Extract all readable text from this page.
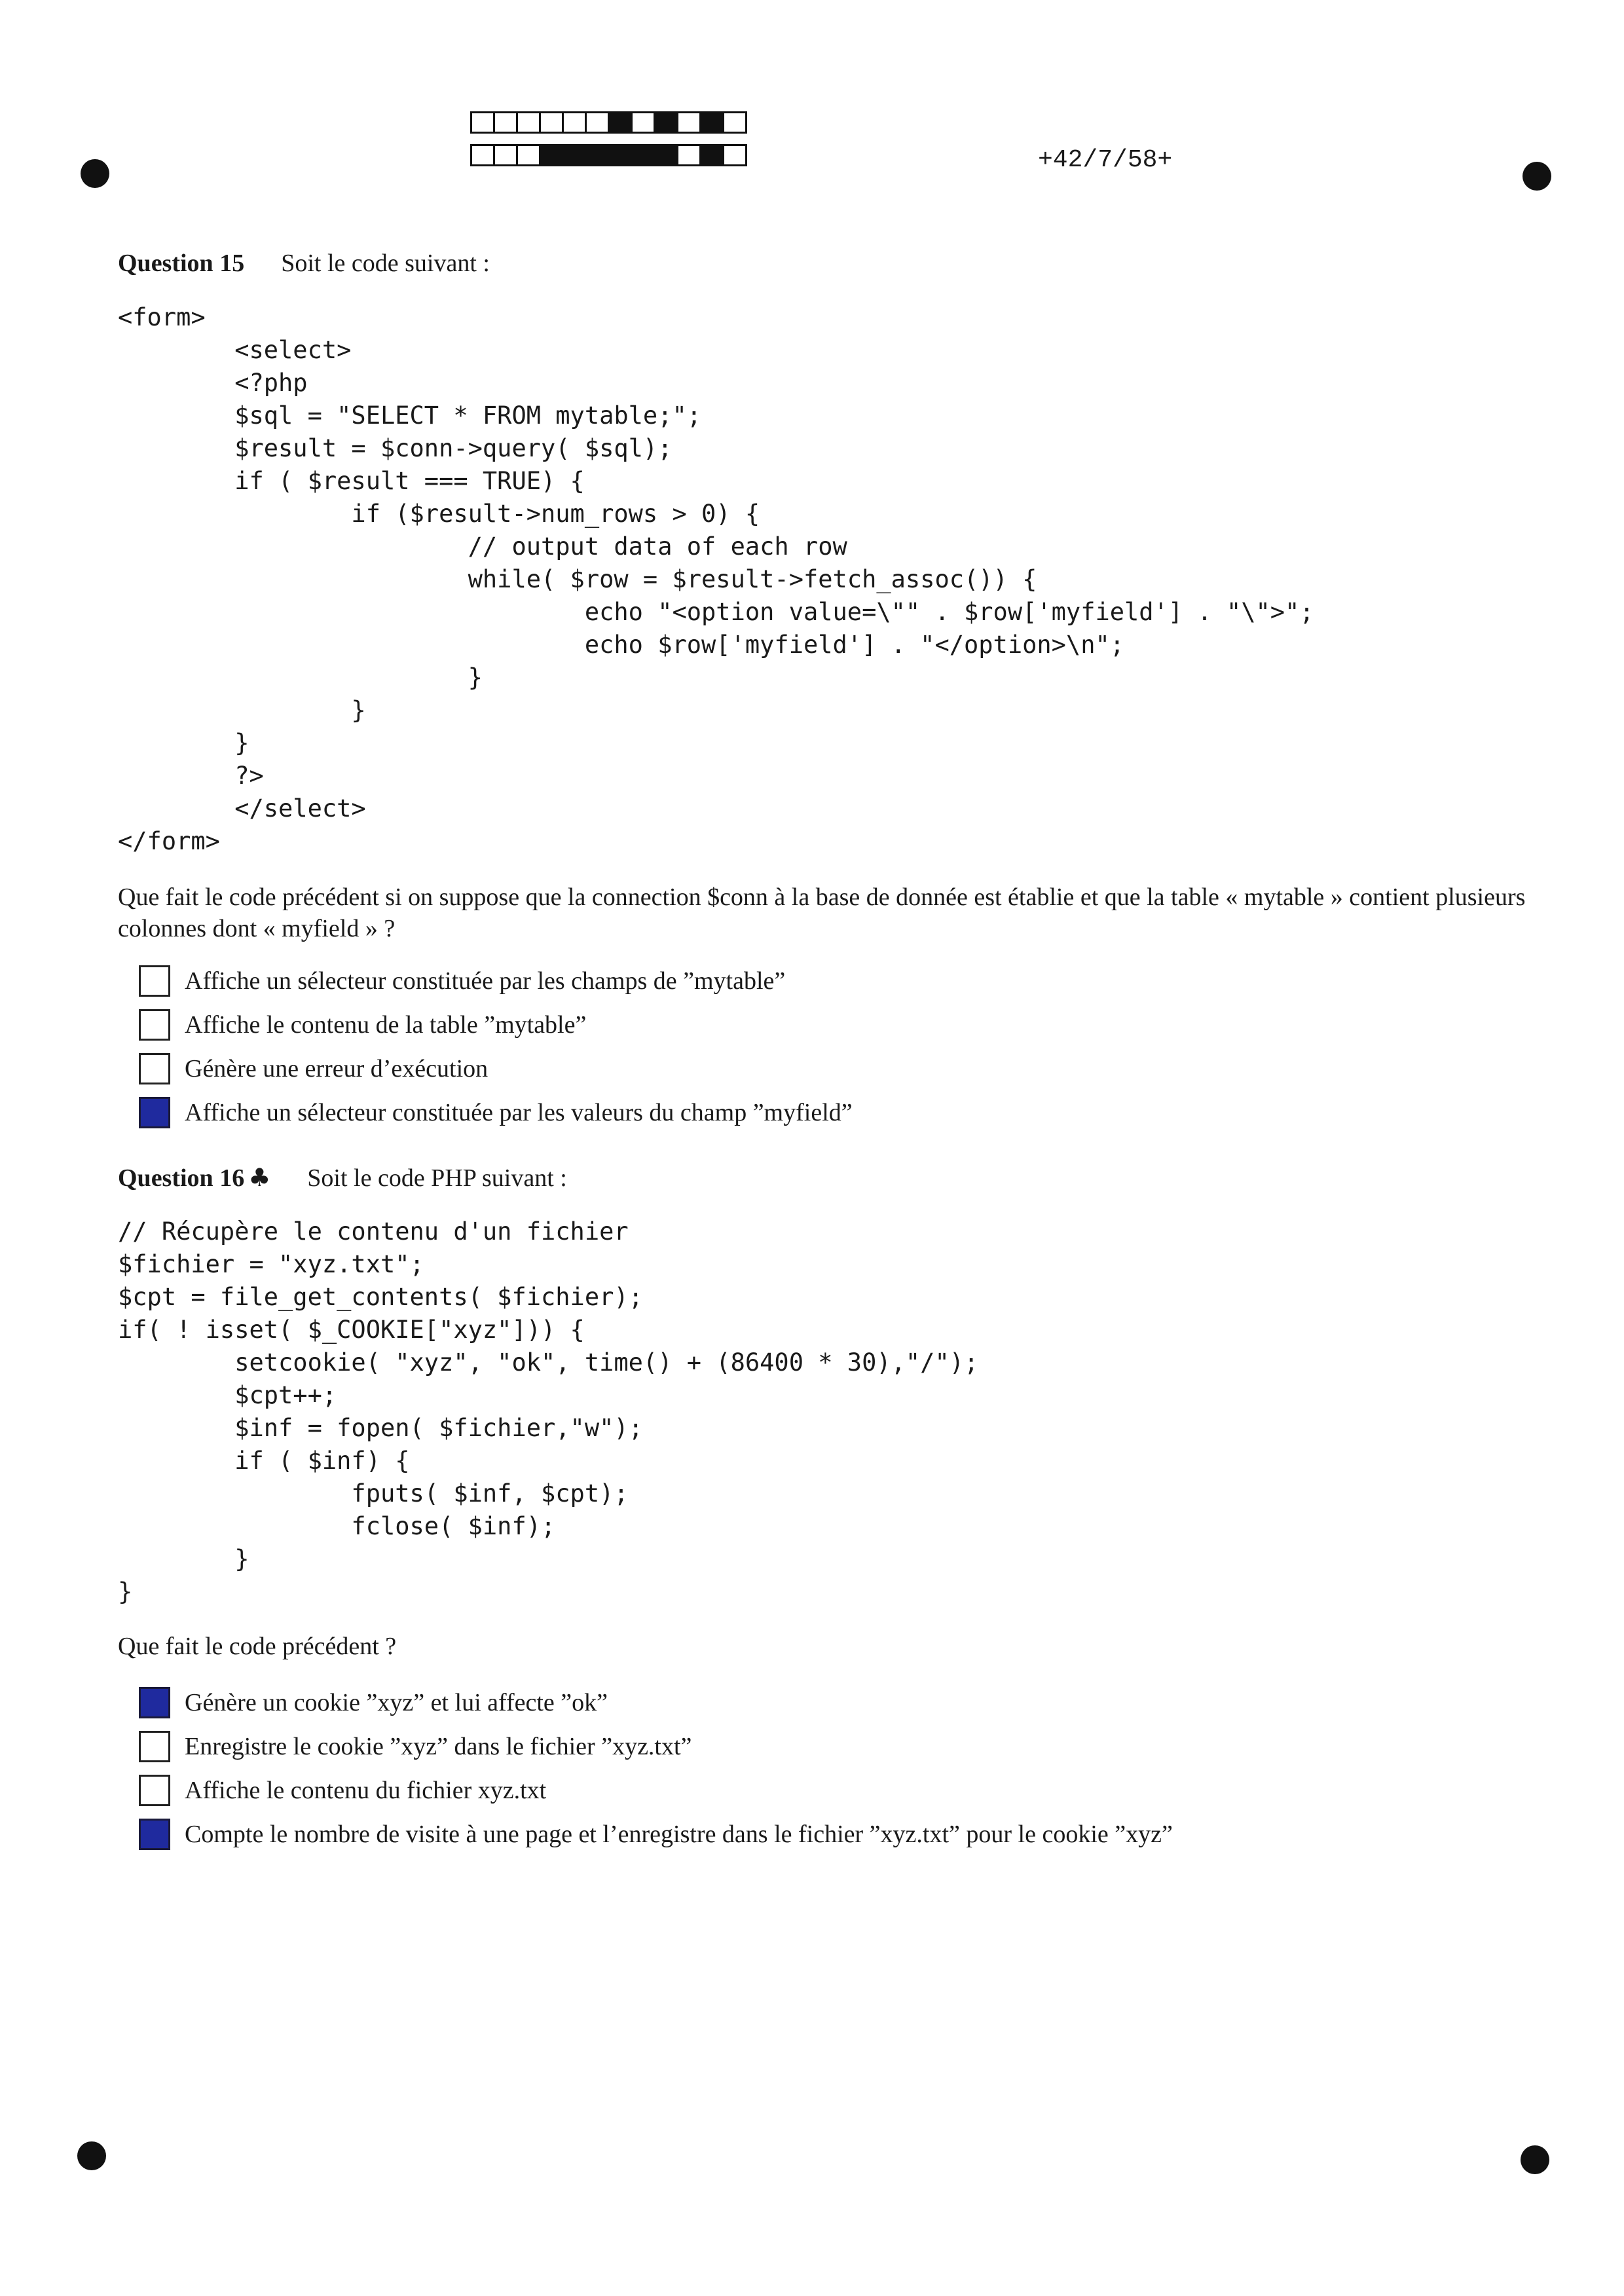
+42/7/58+
Question 15 Soit le code suivant :
<form>
<select>
<?php
$sql = "SELECT * FROM mytable;";
$result = $conn->query( $sql);
if ( $result === TRUE) {
if ($result->num_rows > 0) {
// output data of each row
while( $row = $result->fetch_assoc()) {
echo "<option value=\"" . $row['myfield'] . "\">";
echo $row['myfield'] . "</option>\n";
}
}
}
?>
</select>
</form>
Que fait le code précédent si on suppose que la connection $conn à la base de donnée est établie et que la table « mytable » contient plusieurs colonnes dont « myfield » ?
Affiche un sélecteur constituée par les champs de ”mytable”
Affiche le contenu de la table ”mytable”
Génère une erreur d’exécution
Affiche un sélecteur constituée par les valeurs du champ ”myfield”
Question 16 ♣ Soit le code PHP suivant :
// Récupère le contenu d'un fichier
$fichier = "xyz.txt";
$cpt = file_get_contents( $fichier);
if( ! isset( $_COOKIE["xyz"])) {
setcookie( "xyz", "ok", time() + (86400 * 30),"/");
$cpt++;
$inf = fopen( $fichier,"w");
if ( $inf) {
fputs( $inf, $cpt);
fclose( $inf);
}
}
Que fait le code précédent ?
Génère un cookie ”xyz” et lui affecte ”ok”
Enregistre le cookie ”xyz” dans le fichier ”xyz.txt”
Affiche le contenu du fichier xyz.txt
Compte le nombre de visite à une page et l’enregistre dans le fichier ”xyz.txt” pour le cookie ”xyz”
